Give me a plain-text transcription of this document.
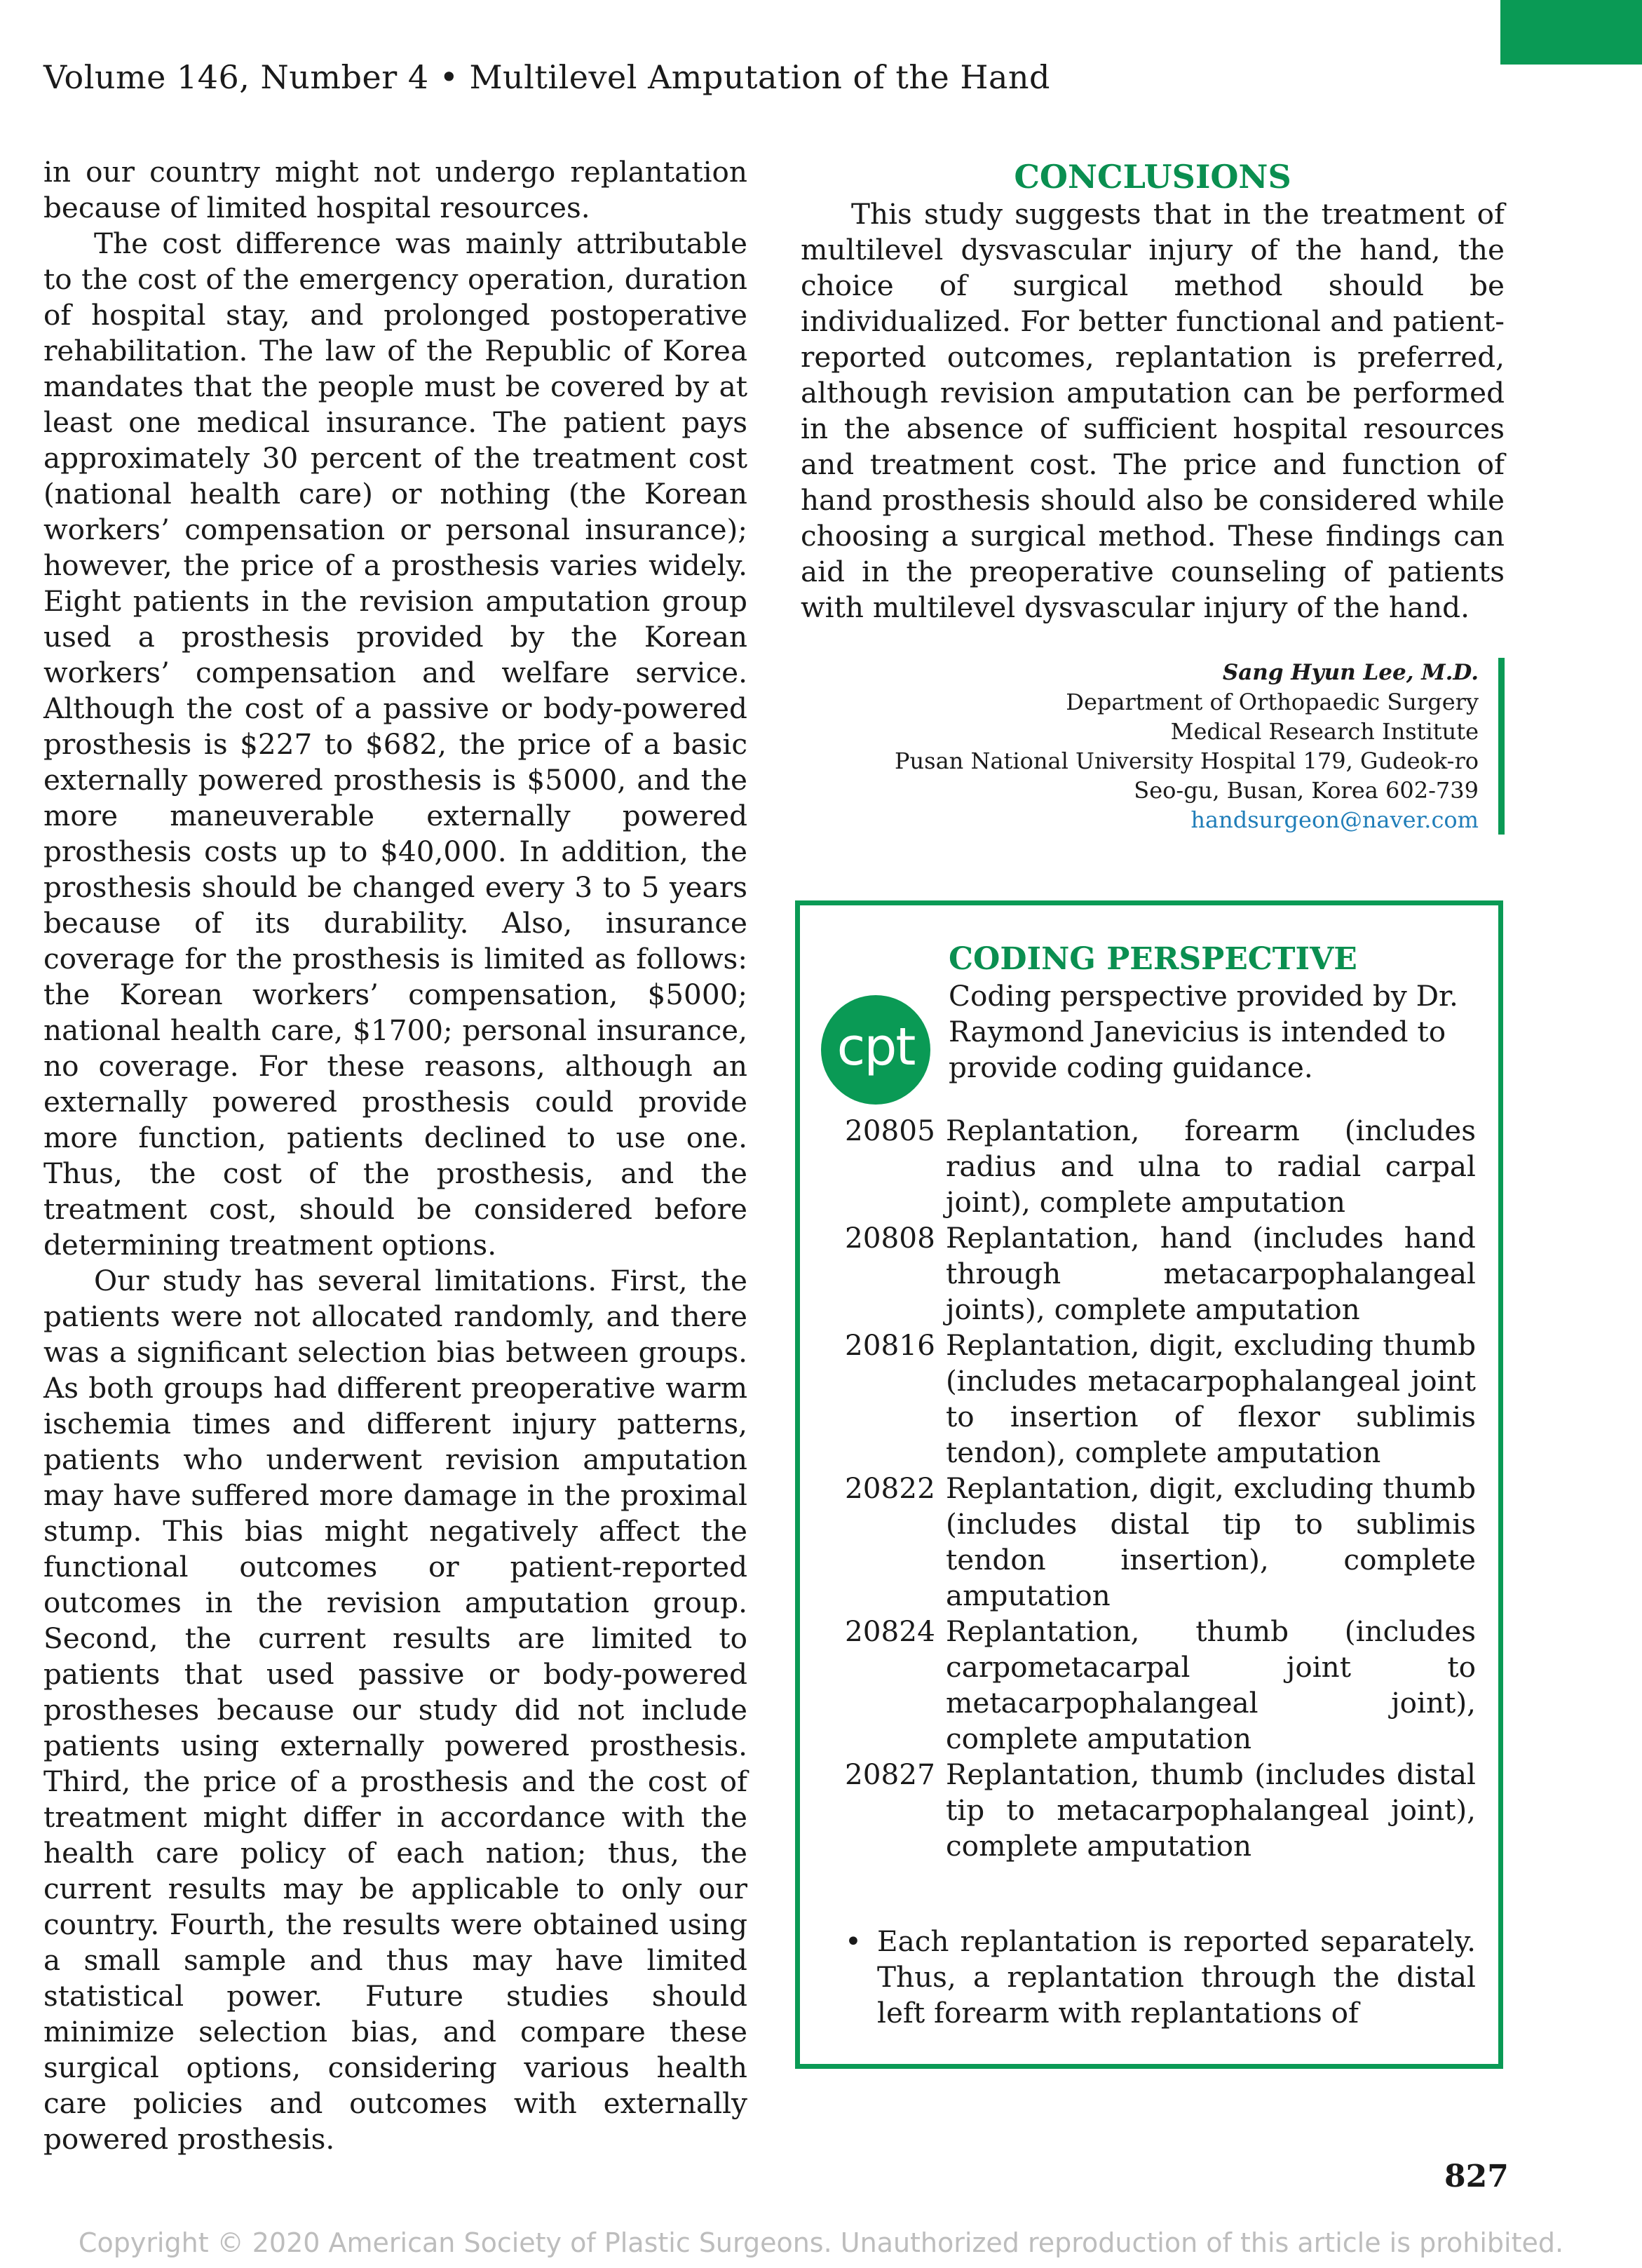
Volume 146, Number 4 • Multilevel Amputation of the Hand

in our country might not undergo replantation because of limited hospital resources.

The cost difference was mainly attributable to the cost of the emergency operation, duration of hospital stay, and prolonged postoperative rehabilitation. The law of the Republic of Korea mandates that the people must be covered by at least one medical insurance. The patient pays approximately 30 percent of the treatment cost (national health care) or nothing (the Korean workers’ compensation or personal insurance); however, the price of a prosthesis varies widely. Eight patients in the revision amputation group used a prosthesis provided by the Korean workers’ compensation and welfare service. Although the cost of a passive or body-powered prosthesis is $227 to $682, the price of a basic externally powered prosthesis is $5000, and the more maneuverable externally powered prosthesis costs up to $40,000. In addition, the prosthesis should be changed every 3 to 5 years because of its durability. Also, insurance coverage for the prosthesis is limited as follows: the Korean workers’ compensation, $5000; national health care, $1700; personal insurance, no coverage. For these reasons, although an externally powered prosthesis could provide more function, patients declined to use one. Thus, the cost of the prosthesis, and the treatment cost, should be considered before determining treatment options.

Our study has several limitations. First, the patients were not allocated randomly, and there was a significant selection bias between groups. As both groups had different preoperative warm ischemia times and different injury patterns, patients who underwent revision amputation may have suffered more damage in the proximal stump. This bias might negatively affect the functional outcomes or patient-reported outcomes in the revision amputation group. Second, the current results are limited to patients that used passive or body-powered prostheses because our study did not include patients using externally powered prosthesis. Third, the price of a prosthesis and the cost of treatment might differ in accordance with the health care policy of each nation; thus, the current results may be applicable to only our country. Fourth, the results were obtained using a small sample and thus may have limited statistical power. Future studies should minimize selection bias, and compare these surgical options, considering various health care policies and outcomes with externally powered prosthesis.

CONCLUSIONS

This study suggests that in the treatment of multilevel dysvascular injury of the hand, the choice of surgical method should be individualized. For better functional and patient-reported outcomes, replantation is preferred, although revision amputation can be performed in the absence of sufficient hospital resources and treatment cost. The price and function of hand prosthesis should also be considered while choosing a surgical method. These findings can aid in the preoperative counseling of patients with multilevel dysvascular injury of the hand.

Sang Hyun Lee, M.D.
Department of Orthopaedic Surgery
Medical Research Institute
Pusan National University Hospital 179, Gudeok-ro
Seo-gu, Busan, Korea 602-739
handsurgeon@naver.com
cpt
CODING PERSPECTIVE
Coding perspective provided by Dr. Raymond Janevicius is intended to provide coding guidance.
20805 Replantation, forearm (includes radius and ulna to radial carpal joint), complete amputation
20808 Replantation, hand (includes hand through metacarpophalangeal joints), complete amputation
20816 Replantation, digit, excluding thumb (includes metacarpophalangeal joint to insertion of flexor sublimis tendon), complete amputation
20822 Replantation, digit, excluding thumb (includes distal tip to sublimis tendon insertion), complete amputation
20824 Replantation, thumb (includes carpometacarpal joint to metacarpophalangeal joint), complete amputation
20827 Replantation, thumb (includes distal tip to metacarpophalangeal joint), complete amputation
• Each replantation is reported separately. Thus, a replantation through the distal left forearm with replantations of
827
Copyright © 2020 American Society of Plastic Surgeons. Unauthorized reproduction of this article is prohibited.
